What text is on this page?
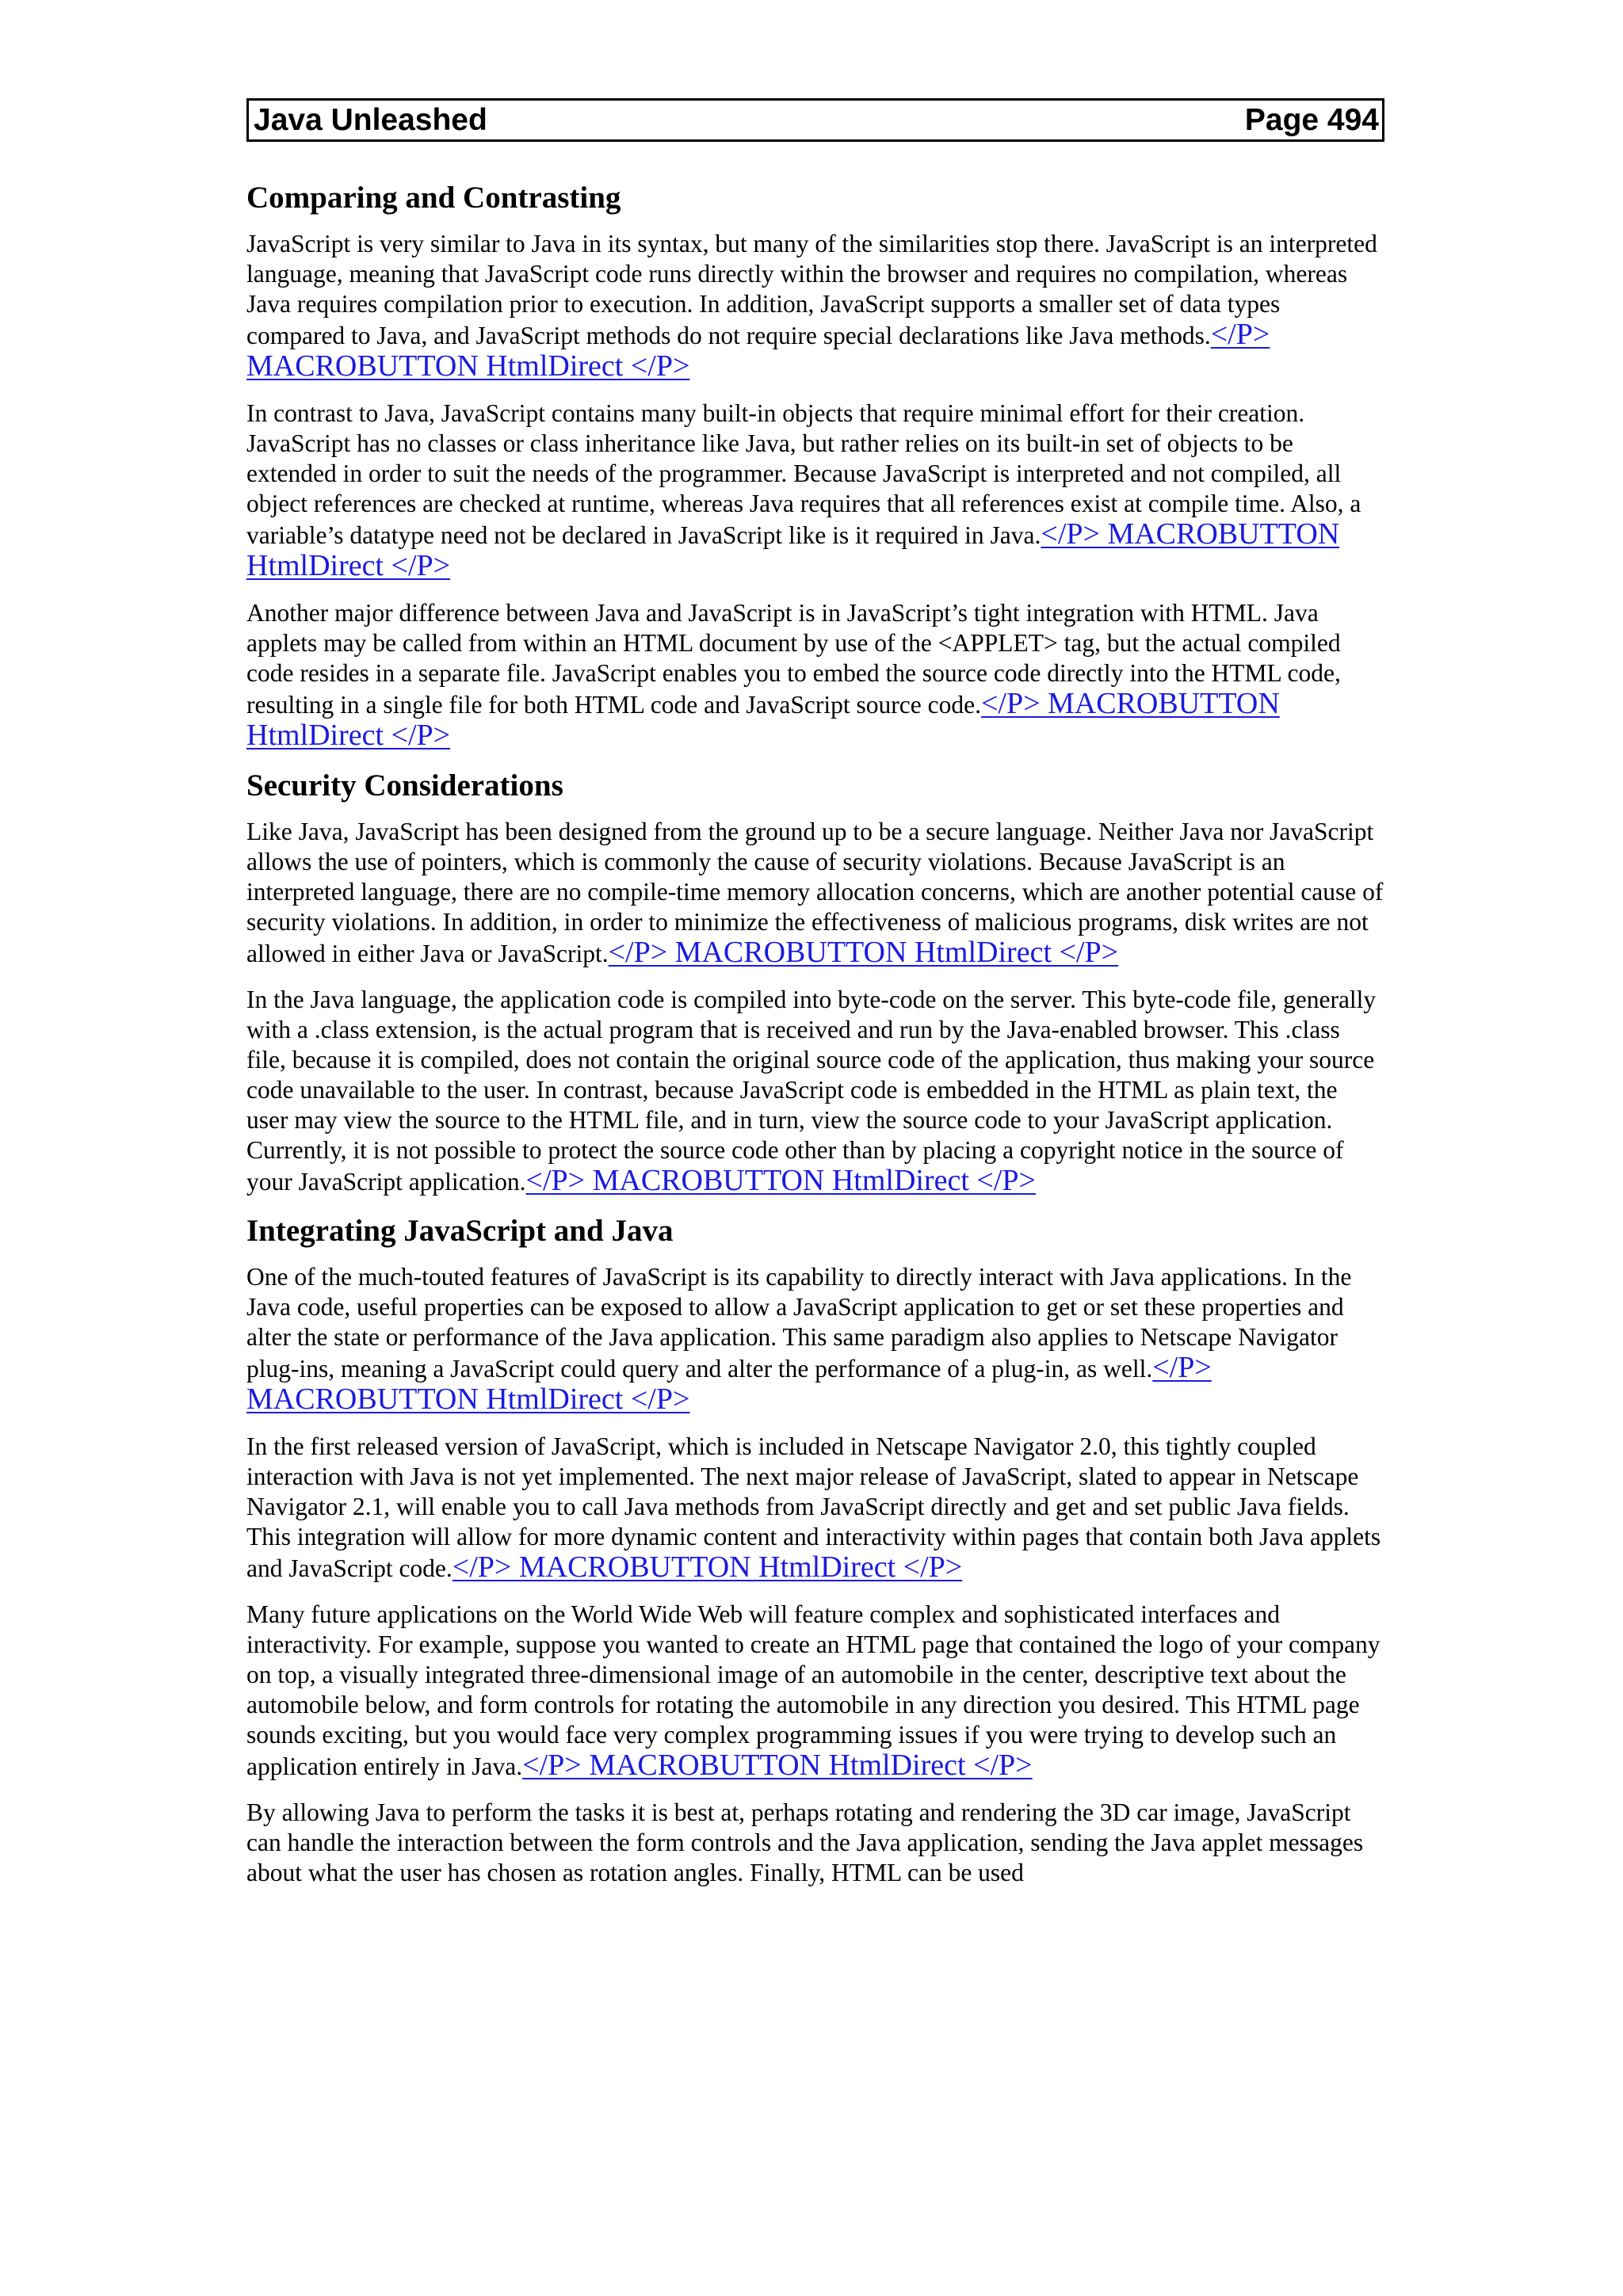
Java Unleashed	Page 494
Comparing and Contrasting

JavaScript is very similar to Java in its syntax, but many of the similarities stop there. JavaScript is an interpreted language, meaning that JavaScript code runs directly within the browser and requires no compilation, whereas Java requires compilation prior to execution. In addition, JavaScript supports a smaller set of data types compared to Java, and JavaScript methods do not require special declarations like Java methods.</P> MACROBUTTON HtmlDirect </P>

In contrast to Java, JavaScript contains many built-in objects that require minimal effort for their creation. JavaScript has no classes or class inheritance like Java, but rather relies on its built-in set of objects to be extended in order to suit the needs of the programmer. Because JavaScript is interpreted and not compiled, all object references are checked at runtime, whereas Java requires that all references exist at compile time. Also, a variable’s datatype need not be declared in JavaScript like is it required in Java.</P> MACROBUTTON HtmlDirect </P>

Another major difference between Java and JavaScript is in JavaScript’s tight integration with HTML. Java applets may be called from within an HTML document by use of the <APPLET> tag, but the actual compiled code resides in a separate file. JavaScript enables you to embed the source code directly into the HTML code, resulting in a single file for both HTML code and JavaScript source code.</P> MACROBUTTON HtmlDirect </P>

Security Considerations

Like Java, JavaScript has been designed from the ground up to be a secure language. Neither Java nor JavaScript allows the use of pointers, which is commonly the cause of security violations. Because JavaScript is an interpreted language, there are no compile-time memory allocation concerns, which are another potential cause of security violations. In addition, in order to minimize the effectiveness of malicious programs, disk writes are not allowed in either Java or JavaScript.</P> MACROBUTTON HtmlDirect </P>

In the Java language, the application code is compiled into byte-code on the server. This byte-code file, generally with a .class extension, is the actual program that is received and run by the Java-enabled browser. This .class file, because it is compiled, does not contain the original source code of the application, thus making your source code unavailable to the user. In contrast, because JavaScript code is embedded in the HTML as plain text, the user may view the source to the HTML file, and in turn, view the source code to your JavaScript application. Currently, it is not possible to protect the source code other than by placing a copyright notice in the source of your JavaScript application.</P> MACROBUTTON HtmlDirect </P>

Integrating JavaScript and Java

One of the much-touted features of JavaScript is its capability to directly interact with Java applications. In the Java code, useful properties can be exposed to allow a JavaScript application to get or set these properties and alter the state or performance of the Java application. This same paradigm also applies to Netscape Navigator plug-ins, meaning a JavaScript could query and alter the performance of a plug-in, as well.</P> MACROBUTTON HtmlDirect </P>

In the first released version of JavaScript, which is included in Netscape Navigator 2.0, this tightly coupled interaction with Java is not yet implemented. The next major release of JavaScript, slated to appear in Netscape Navigator 2.1, will enable you to call Java methods from JavaScript directly and get and set public Java fields. This integration will allow for more dynamic content and interactivity within pages that contain both Java applets and JavaScript code.</P> MACROBUTTON HtmlDirect </P>

Many future applications on the World Wide Web will feature complex and sophisticated interfaces and interactivity. For example, suppose you wanted to create an HTML page that contained the logo of your company on top, a visually integrated three-dimensional image of an automobile in the center, descriptive text about the automobile below, and form controls for rotating the automobile in any direction you desired. This HTML page sounds exciting, but you would face very complex programming issues if you were trying to develop such an application entirely in Java.</P> MACROBUTTON HtmlDirect </P>

By allowing Java to perform the tasks it is best at, perhaps rotating and rendering the 3D car image, JavaScript can handle the interaction between the form controls and the Java application, sending the Java applet messages about what the user has chosen as rotation angles. Finally, HTML can be used
